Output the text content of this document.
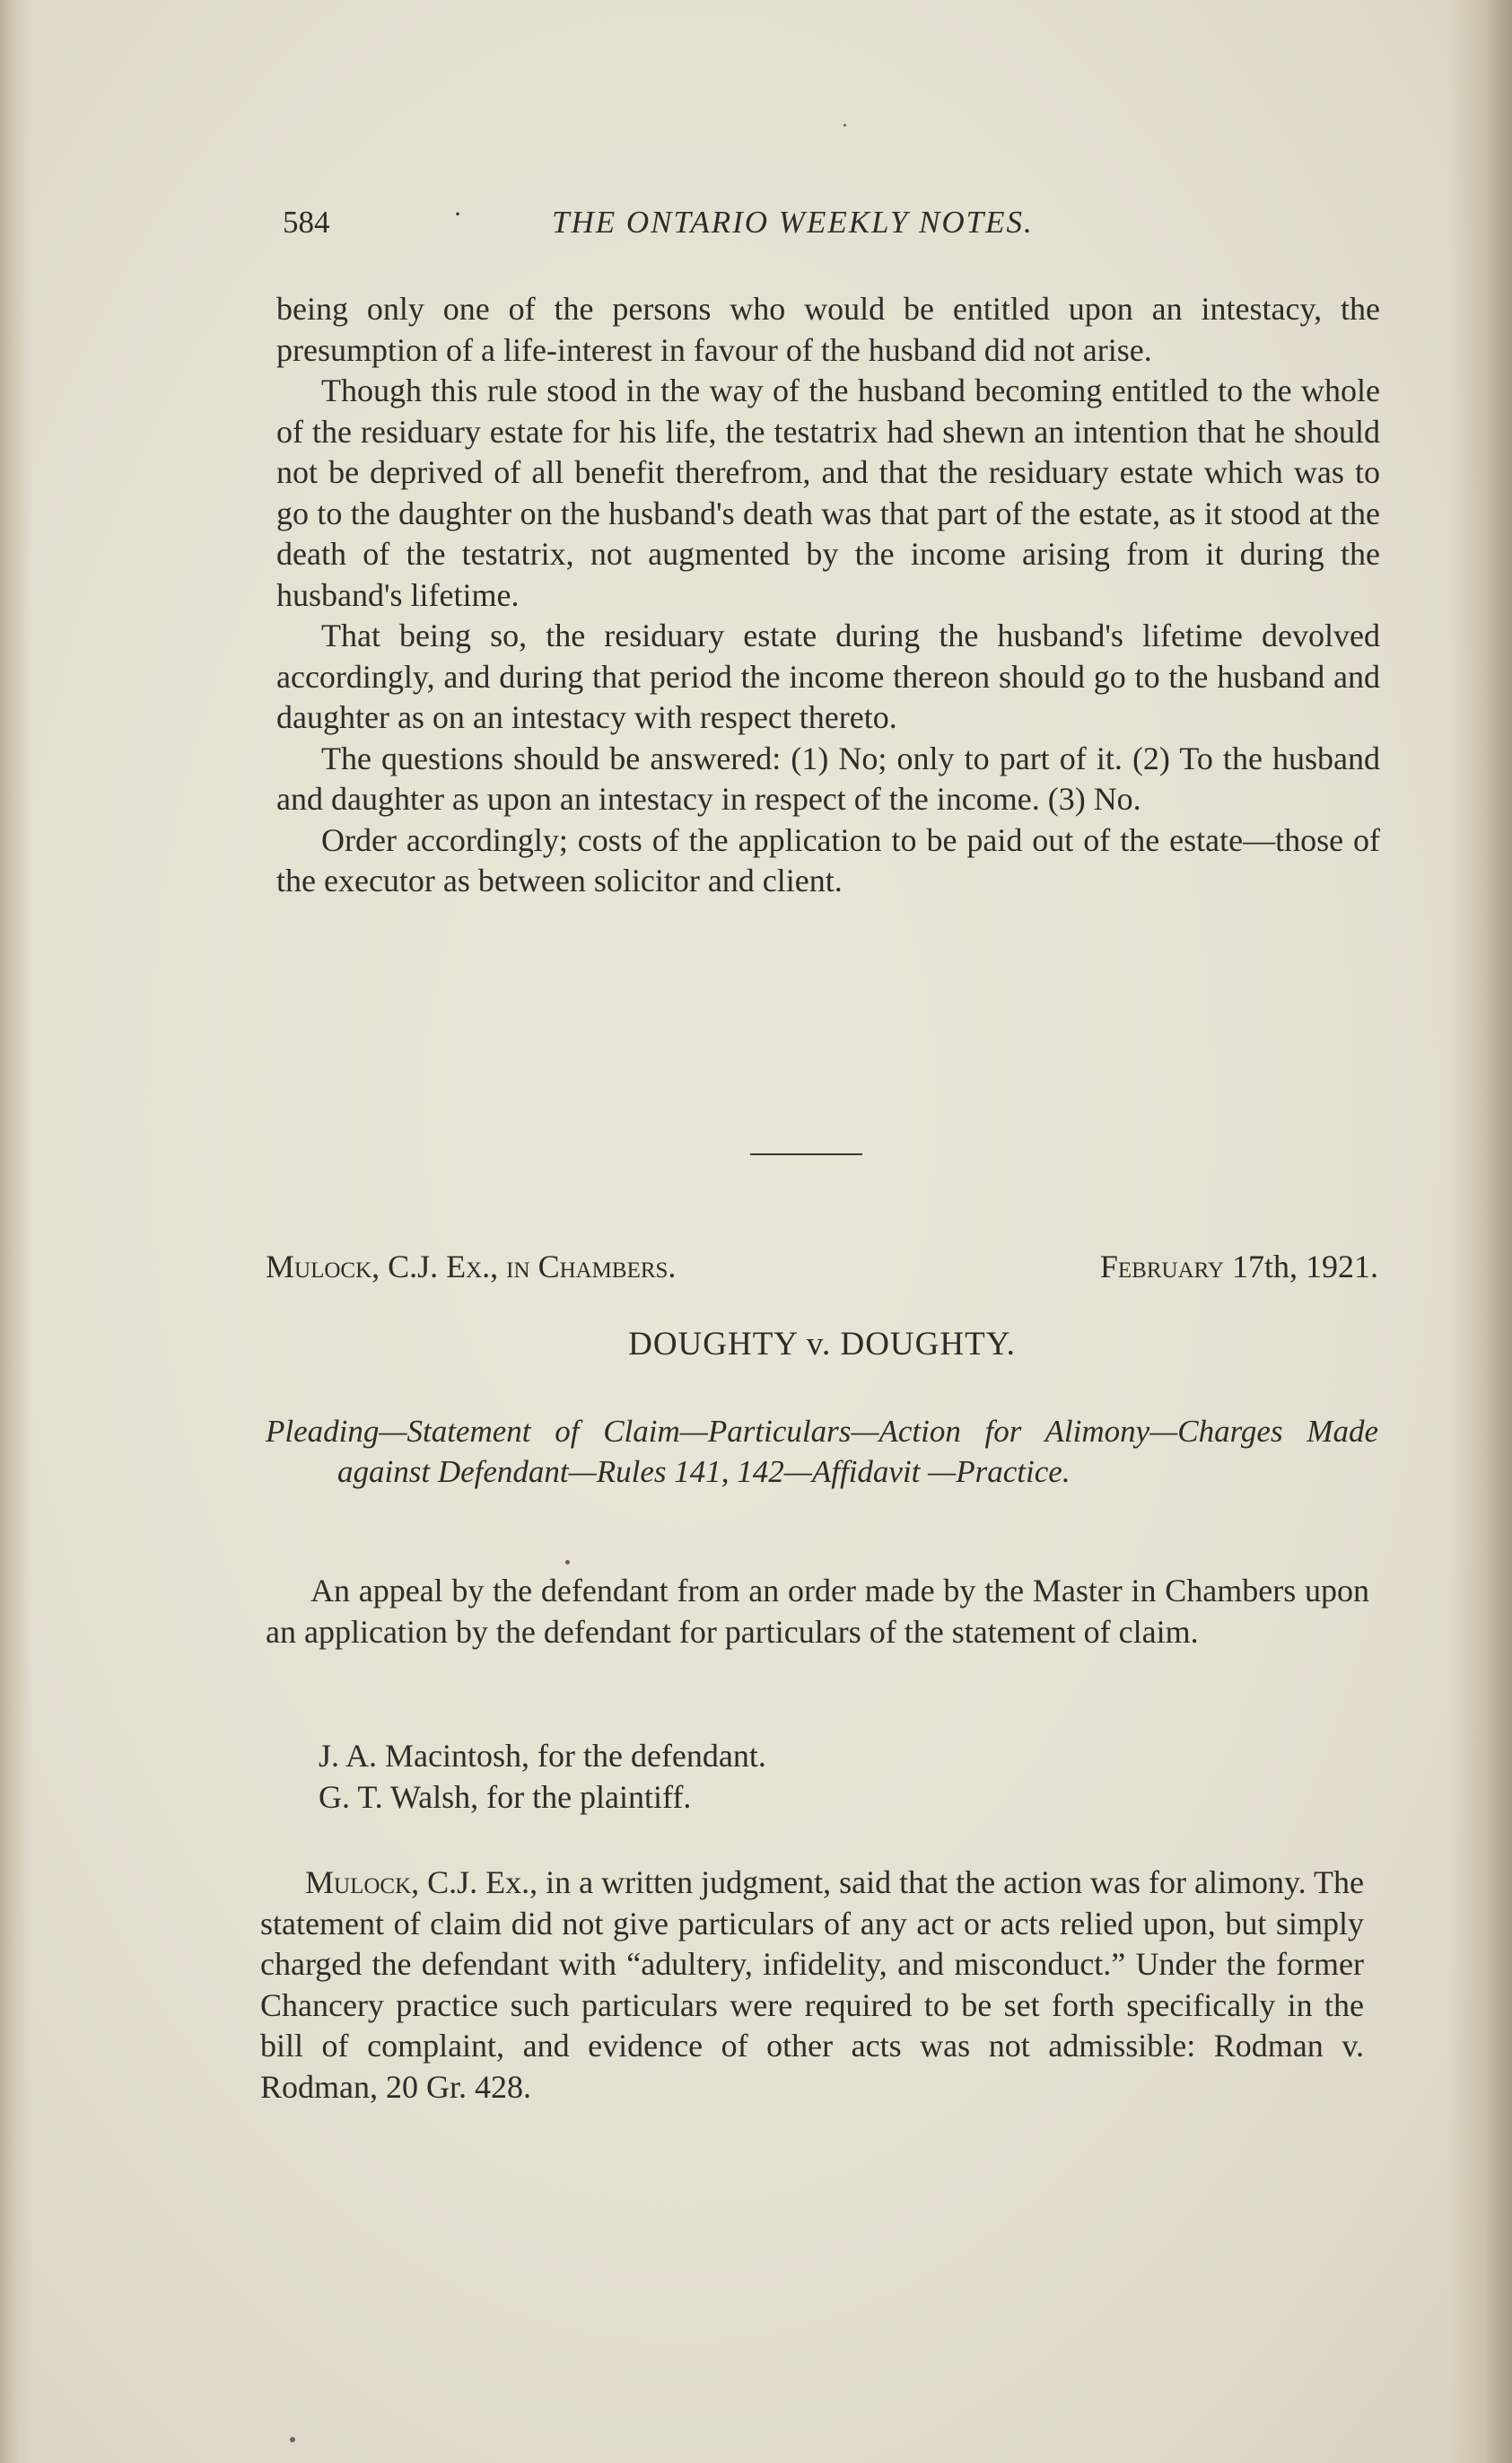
584	·	THE ONTARIO WEEKLY NOTES.

being only one of the persons who would be entitled upon an intestacy, the presumption of a life-interest in favour of the husband did not arise.

Though this rule stood in the way of the husband becoming entitled to the whole of the residuary estate for his life, the testatrix had shewn an intention that he should not be deprived of all benefit therefrom, and that the residuary estate which was to go to the daughter on the husband's death was that part of the estate, as it stood at the death of the testatrix, not augmented by the income arising from it during the husband's lifetime.

That being so, the residuary estate during the husband's lifetime devolved accordingly, and during that period the income thereon should go to the husband and daughter as on an intestacy with respect thereto.

The questions should be answered: (1) No; only to part of it. (2) To the husband and daughter as upon an intestacy in respect of the income. (3) No.

Order accordingly; costs of the application to be paid out of the estate—those of the executor as between solicitor and client.

Mulock, C.J. Ex., in Chambers.	February 17th, 1921.
DOUGHTY v. DOUGHTY.
Pleading—Statement of Claim—Particulars—Action for Alimony—Charges Made against Defendant—Rules 141, 142—Affidavit —Practice.

An appeal by the defendant from an order made by the Master in Chambers upon an application by the defendant for particulars of the statement of claim.

J. A. Macintosh, for the defendant.
G. T. Walsh, for the plaintiff.

Mulock, C.J. Ex., in a written judgment, said that the action was for alimony. The statement of claim did not give particulars of any act or acts relied upon, but simply charged the defendant with “adultery, infidelity, and misconduct.” Under the former Chancery practice such particulars were required to be set forth specifically in the bill of complaint, and evidence of other acts was not admissible: Rodman v. Rodman, 20 Gr. 428.
